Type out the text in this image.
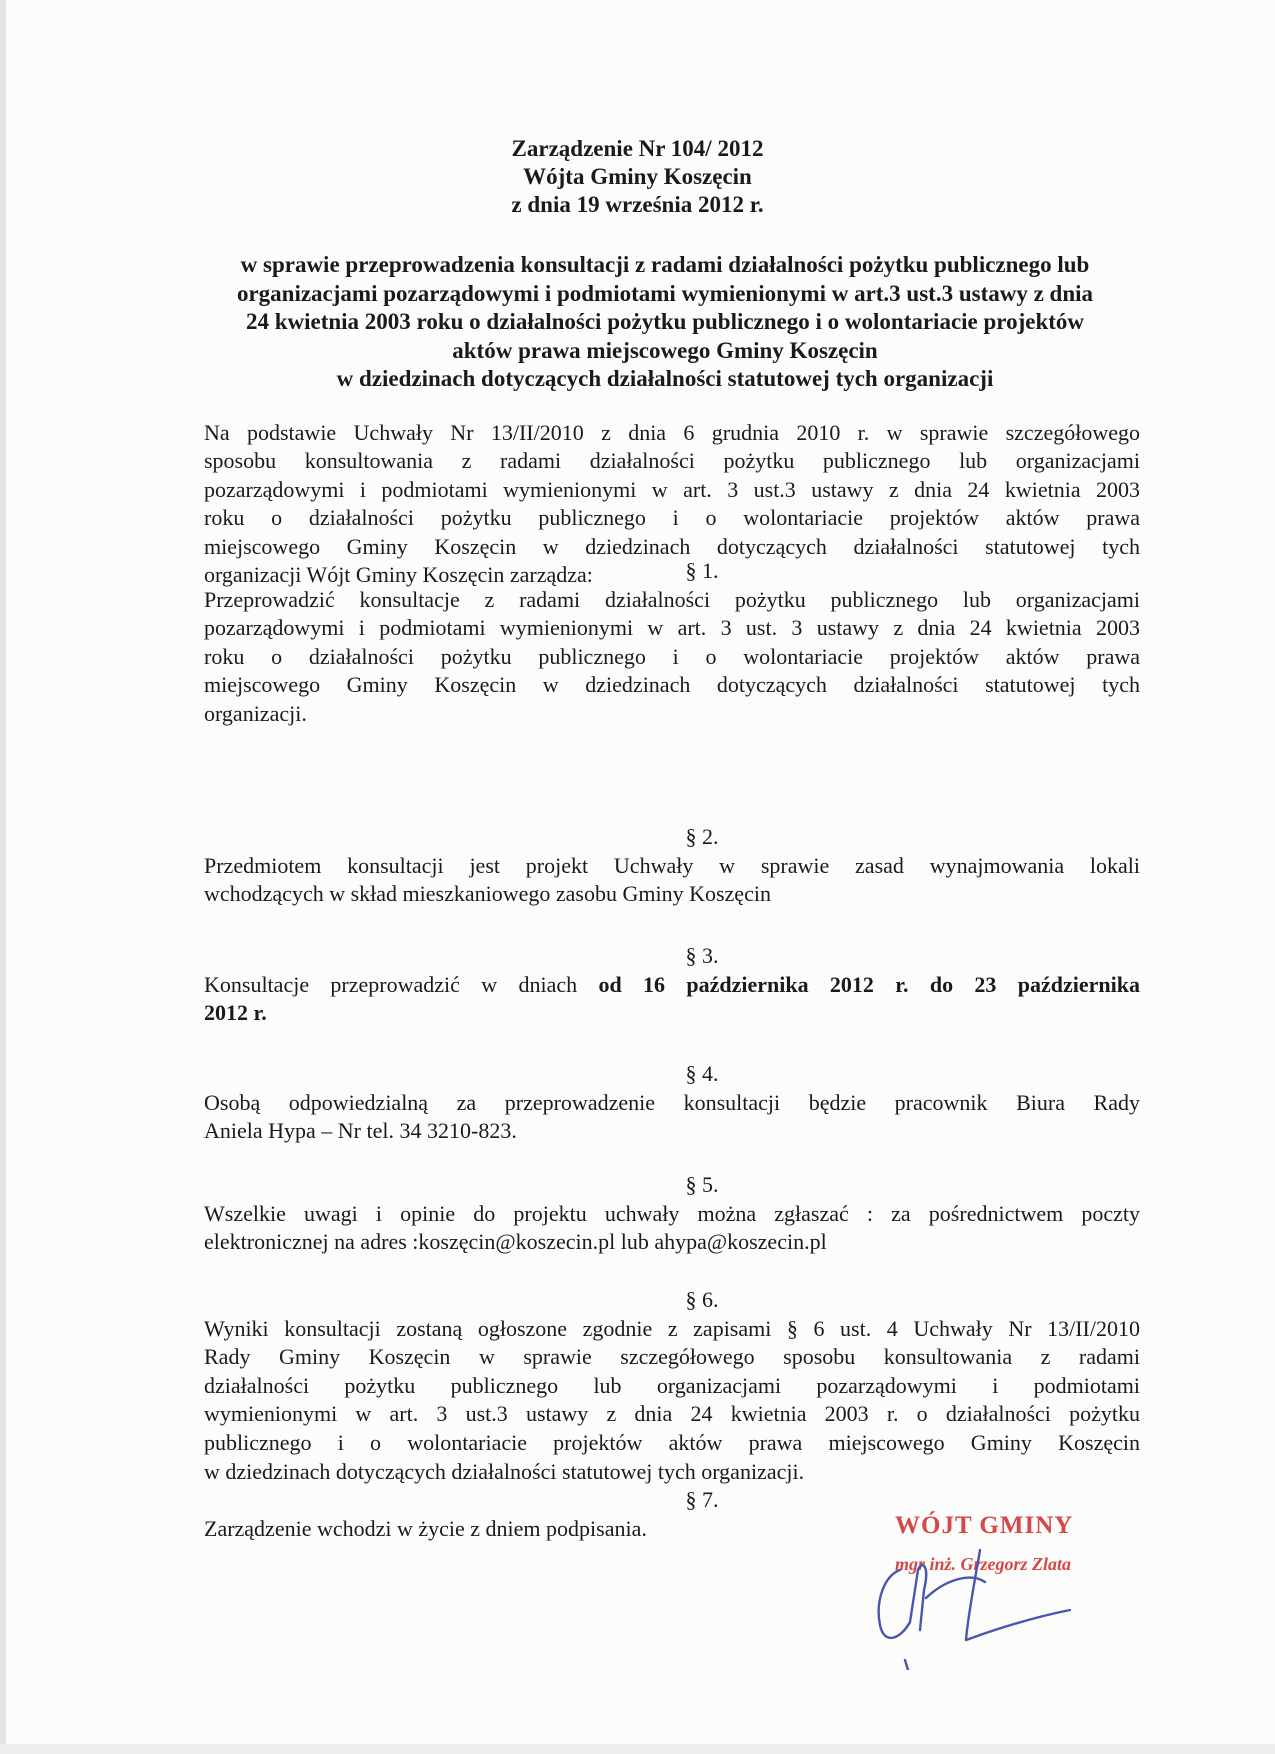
Zarządzenie Nr 104/ 2012
Wójta Gminy Koszęcin
z dnia 19 września 2012 r.
w sprawie przeprowadzenia konsultacji z radami działalności pożytku publicznego lub
organizacjami pozarządowymi i podmiotami wymienionymi w art.3 ust.3 ustawy z dnia
24 kwietnia 2003 roku o działalności pożytku publicznego i o wolontariacie projektów
aktów prawa miejscowego Gminy Koszęcin
w dziedzinach dotyczących działalności statutowej tych organizacji
Na podstawie Uchwały Nr 13/II/2010 z dnia 6 grudnia 2010 r. w sprawie szczegółowego
sposobu konsultowania z radami działalności pożytku publicznego lub organizacjami
pozarządowymi i podmiotami wymienionymi w art. 3 ust.3 ustawy z dnia 24 kwietnia 2003
roku o działalności pożytku publicznego i o wolontariacie projektów aktów prawa
miejscowego Gminy Koszęcin w dziedzinach dotyczących działalności statutowej tych
organizacji Wójt Gminy Koszęcin zarządza:	§ 1.
Przeprowadzić konsultacje z radami działalności pożytku publicznego lub organizacjami
pozarządowymi i podmiotami wymienionymi w art. 3 ust. 3 ustawy z dnia 24 kwietnia 2003
roku o działalności pożytku publicznego i o wolontariacie projektów aktów prawa
miejscowego Gminy Koszęcin w dziedzinach dotyczących działalności statutowej tych
organizacji.
§ 2.
Przedmiotem konsultacji jest projekt Uchwały w sprawie zasad wynajmowania lokali
wchodzących w skład mieszkaniowego zasobu Gminy Koszęcin
§ 3.
Konsultacje przeprowadzić w dniach od 16 października 2012 r. do 23 października
2012 r.
§ 4.
Osobą odpowiedzialną za przeprowadzenie konsultacji będzie pracownik Biura Rady
Aniela Hypa – Nr tel. 34 3210-823.
§ 5.
Wszelkie uwagi i opinie do projektu uchwały można zgłaszać : za pośrednictwem poczty
elektronicznej na adres :koszęcin@koszecin.pl lub ahypa@koszecin.pl
§ 6.
Wyniki konsultacji zostaną ogłoszone zgodnie z zapisami § 6 ust. 4 Uchwały Nr 13/II/2010
Rady Gminy Koszęcin w sprawie szczegółowego sposobu konsultowania z radami
działalności pożytku publicznego lub organizacjami pozarządowymi i podmiotami
wymienionymi w art. 3 ust.3 ustawy z dnia 24 kwietnia 2003 r. o działalności pożytku
publicznego i o wolontariacie projektów aktów prawa miejscowego Gminy Koszęcin
w dziedzinach dotyczących działalności statutowej tych organizacji.
§ 7.
Zarządzenie wchodzi w życie z dniem podpisania.	WÓJT GMINY
mgr inż. Grzegorz Zlata
